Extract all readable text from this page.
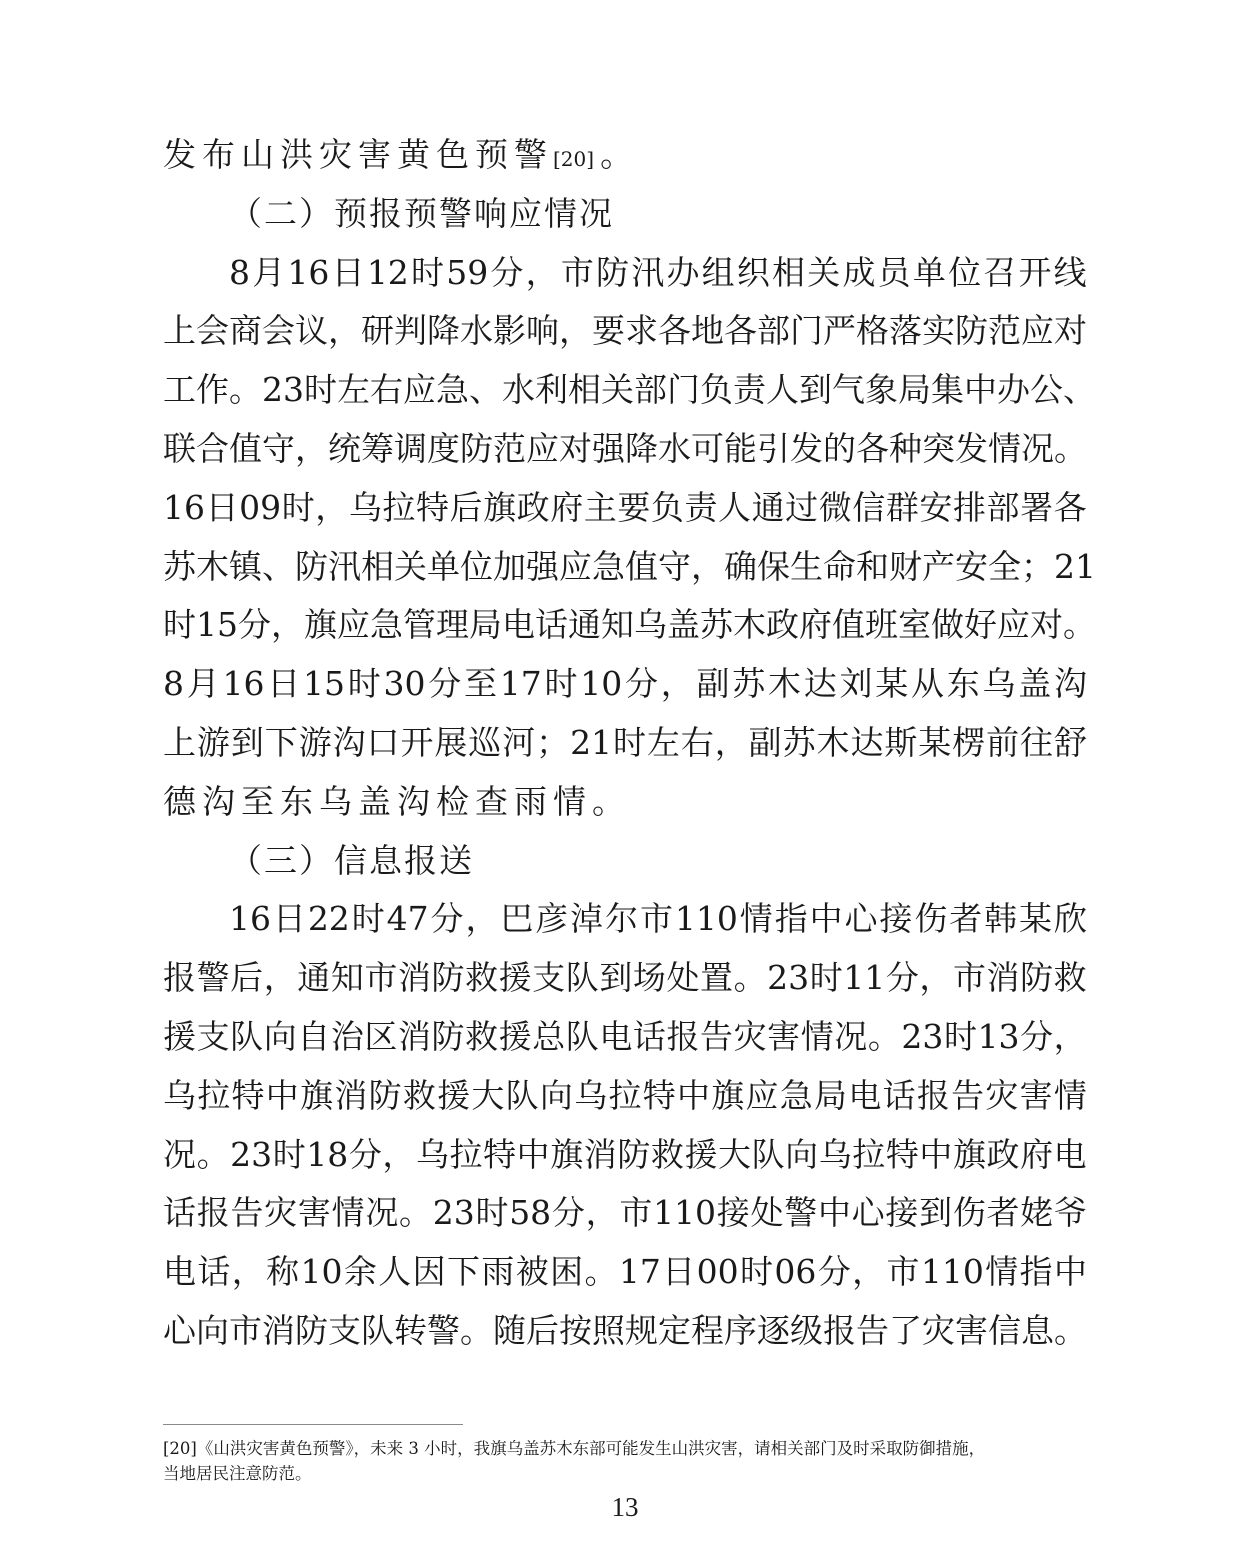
发 布 山 洪 灾 害 黄 色 预 警 [20] 。
（ 二 ） 预 报 预 警 响 应 情 况
8 月 16 日 12 时 59 分 ， 市 防 汛 办 组 织 相 关 成 员 单 位 召 开 线
上 会 商 会 议 ， 研 判 降 水 影 响 ， 要 求 各 地 各 部 门 严 格 落 实 防 范 应 对
工 作 。 23 时 左 右 应 急 、 水 利 相 关 部 门 负 责 人 到 气 象 局 集 中 办 公 、
联 合 值 守 ， 统 筹 调 度 防 范 应 对 强 降 水 可 能 引 发 的 各 种 突 发 情 况 。
16 日 09 时 ， 乌 拉 特 后 旗 政 府 主 要 负 责 人 通 过 微 信 群 安 排 部 署 各
苏 木 镇 、 防 汛 相 关 单 位 加 强 应 急 值 守 ， 确 保 生 命 和 财 产 安 全 ； 21
时 15 分 ， 旗 应 急 管 理 局 电 话 通 知 乌 盖 苏 木 政 府 值 班 室 做 好 应 对 。
8 月 16 日 15 时 30 分 至 17 时 10 分 ， 副 苏 木 达 刘 某 从 东 乌 盖 沟
上 游 到 下 游 沟 口 开 展 巡 河 ； 21 时 左 右 ， 副 苏 木 达 斯 某 楞 前 往 舒
德 沟 至 东 乌 盖 沟 检 查 雨 情 。
（ 三 ） 信 息 报 送
16 日 22 时 47 分 ， 巴 彦 淖 尔 市 110 情 指 中 心 接 伤 者 韩 某 欣
报 警 后 ， 通 知 市 消 防 救 援 支 队 到 场 处 置 。 23 时 11 分 ， 市 消 防 救
援 支 队 向 自 治 区 消 防 救 援 总 队 电 话 报 告 灾 害 情 况 。 23 时 13 分 ，
乌 拉 特 中 旗 消 防 救 援 大 队 向 乌 拉 特 中 旗 应 急 局 电 话 报 告 灾 害 情
况 。 23 时 18 分 ， 乌 拉 特 中 旗 消 防 救 援 大 队 向 乌 拉 特 中 旗 政 府 电
话 报 告 灾 害 情 况 。 23 时 58 分 ， 市 110 接 处 警 中 心 接 到 伤 者 姥 爷
电 话 ， 称 10 余 人 因 下 雨 被 困 。 17 日 00 时 06 分 ， 市 110 情 指 中
心 向 市 消 防 支 队 转 警 。 随 后 按 照 规 定 程 序 逐 级 报 告 了 灾 害 信 息 。
[20]《山洪灾害黄色预警》，未来 3 小时，我旗乌盖苏木东部可能发生山洪灾害，请相关部门及时采取防御措施，
当地居民注意防范。
13
